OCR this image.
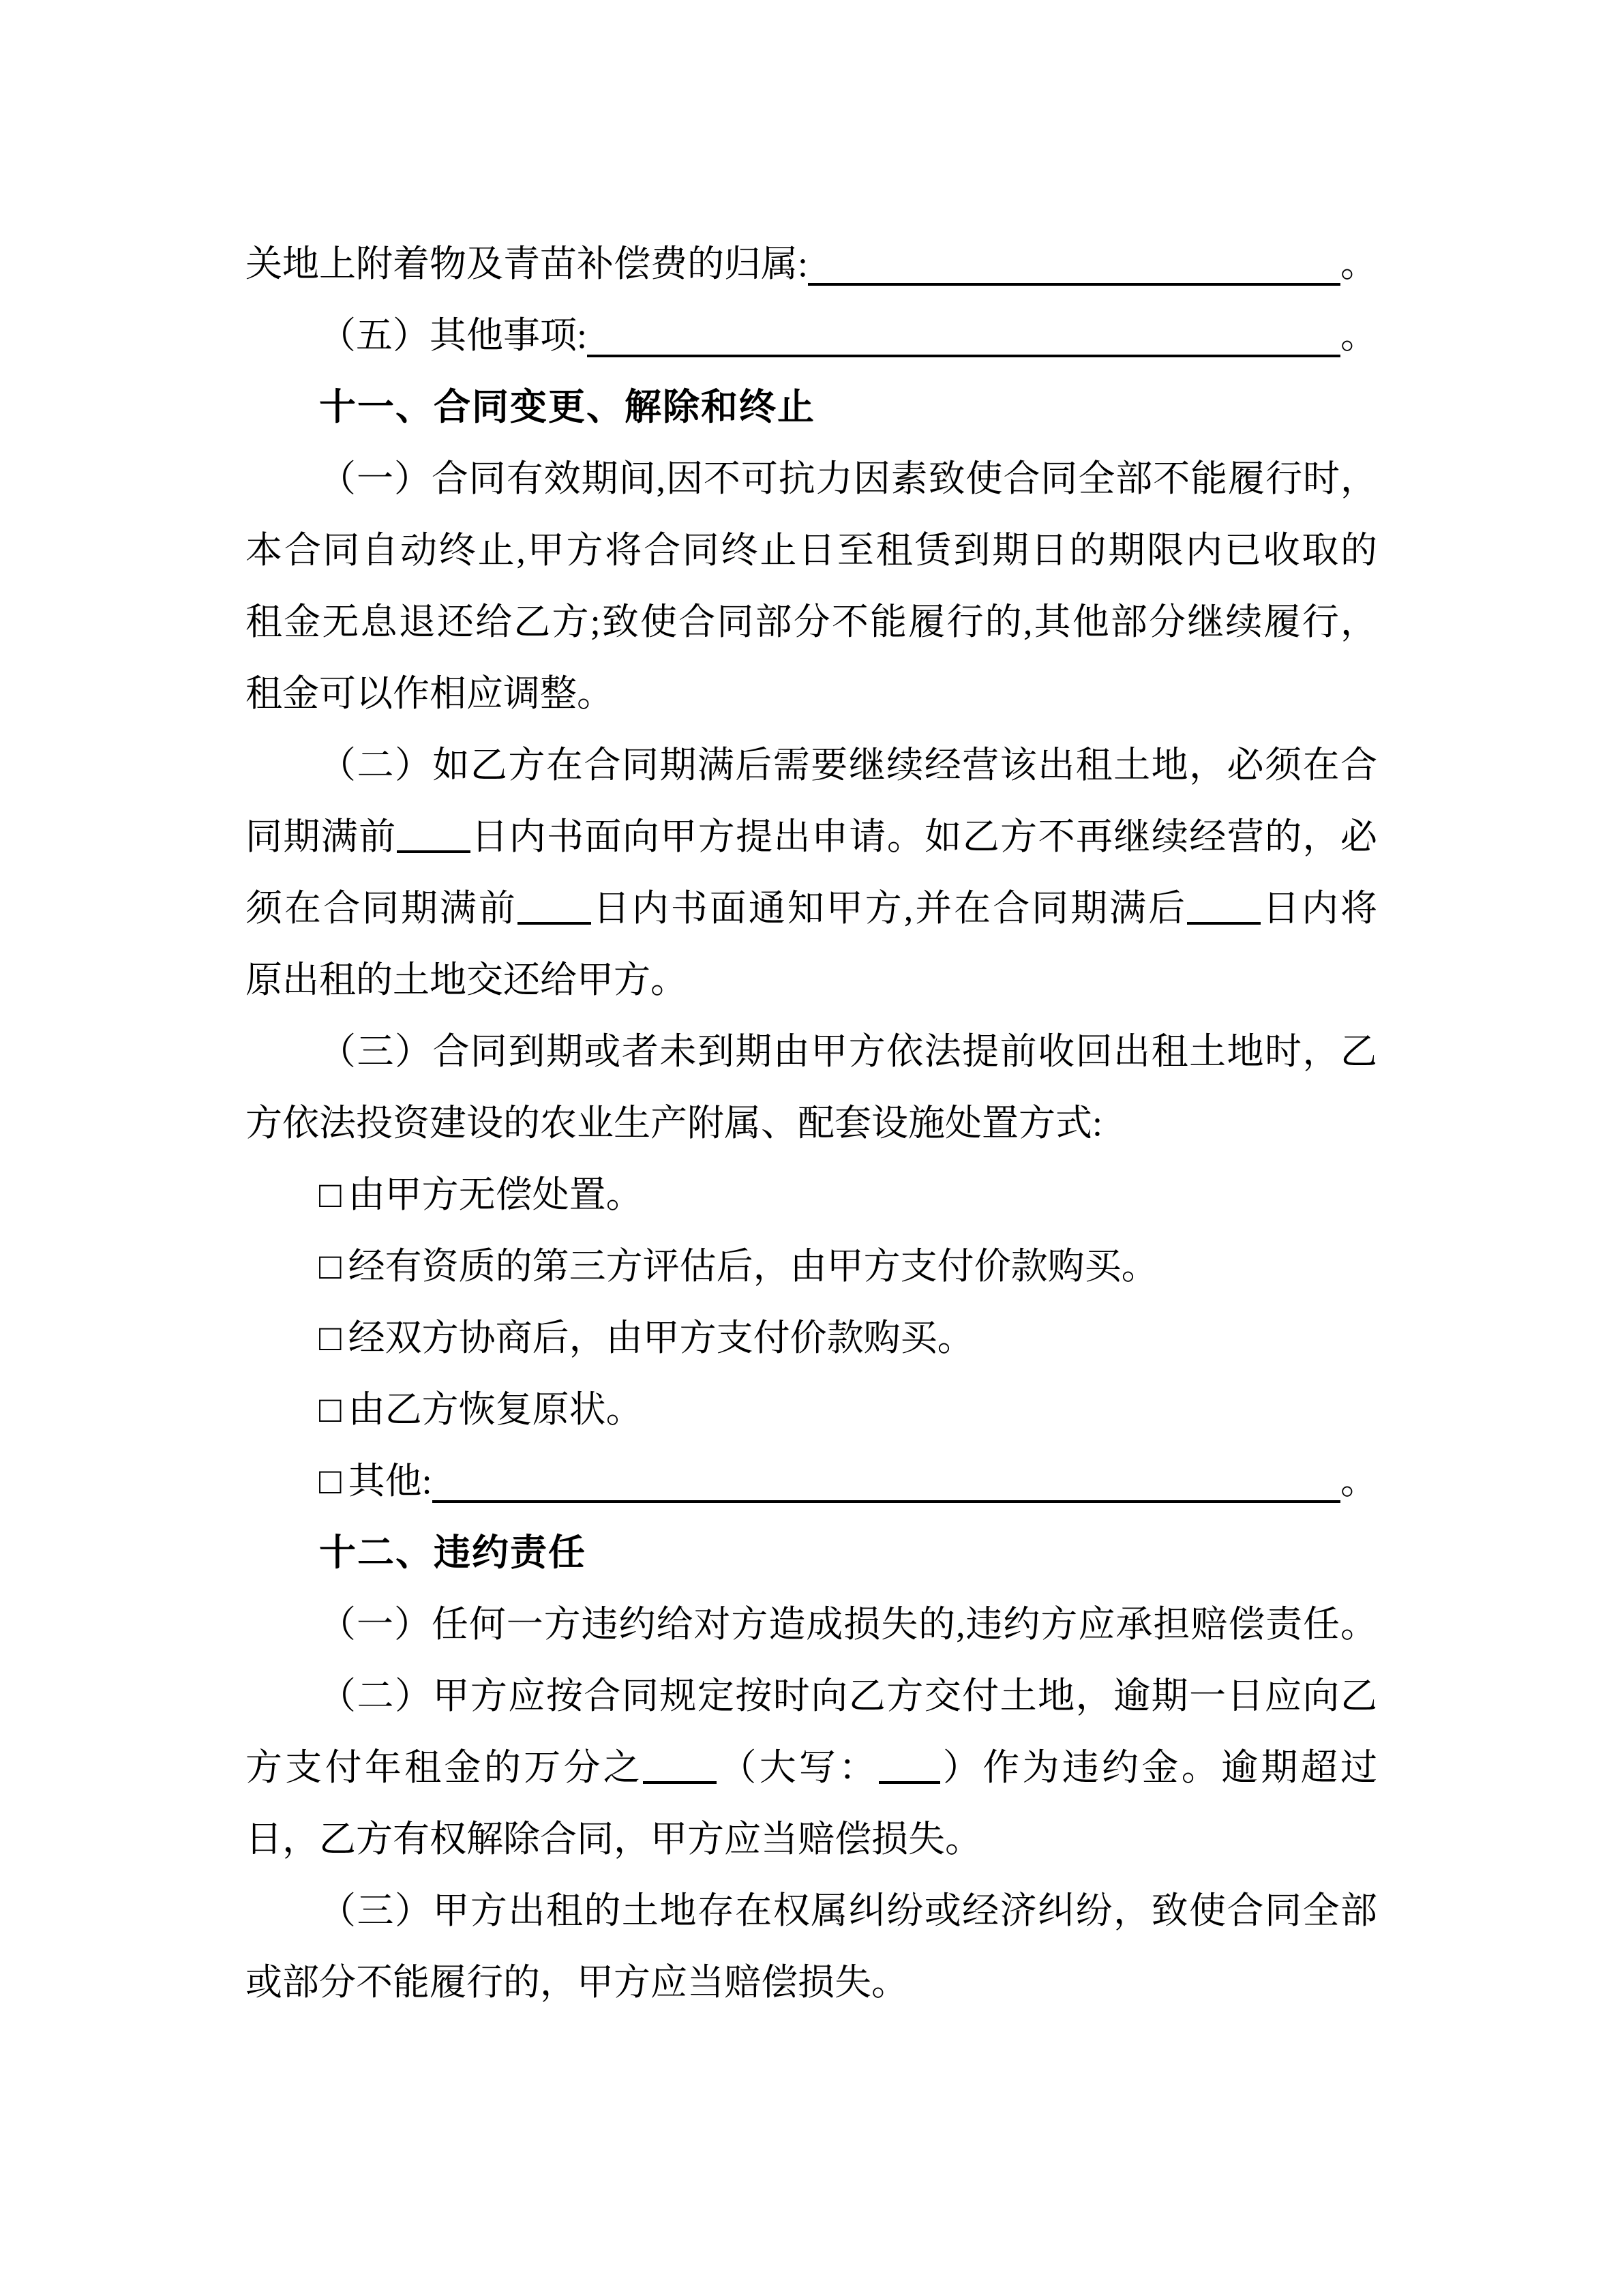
关地上附着物及青苗补偿费的归属:	。
（五）其他事项:	。
十一、合同变更、解除和终止
（一）合同有效期间,因不可抗力因素致使合同全部不能履行时，
本合同自动终止,甲方将合同终止日至租赁到期日的期限内已收取的
租金无息退还给乙方;致使合同部分不能履行的,其他部分继续履行，
租金可以作相应调整。
（二）如乙方在合同期满后需要继续经营该出租土地，必须在合
同期满前 日内书面向甲方提出申请。如乙方不再继续经营的，必
须在合同期满前 日内书面通知甲方,并在合同期满后 日内将
原出租的土地交还给甲方。
（三）合同到期或者未到期由甲方依法提前收回出租土地时，乙
方依法投资建设的农业生产附属、配套设施处置方式:
□ 由甲方无偿处置。
□ 经有资质的第三方评估后，由甲方支付价款购买。
□ 经双方协商后，由甲方支付价款购买。
□ 由乙方恢复原状。
□ 其他:	。
十二、违约责任
（一）任何一方违约给对方造成损失的,违约方应承担赔偿责任。
（二）甲方应按合同规定按时向乙方交付土地，逾期一日应向乙
方支付年租金的万分之 （大写： ）作为违约金。逾期超过
日，乙方有权解除合同，甲方应当赔偿损失。
（三）甲方出租的土地存在权属纠纷或经济纠纷，致使合同全部
或部分不能履行的，甲方应当赔偿损失。
